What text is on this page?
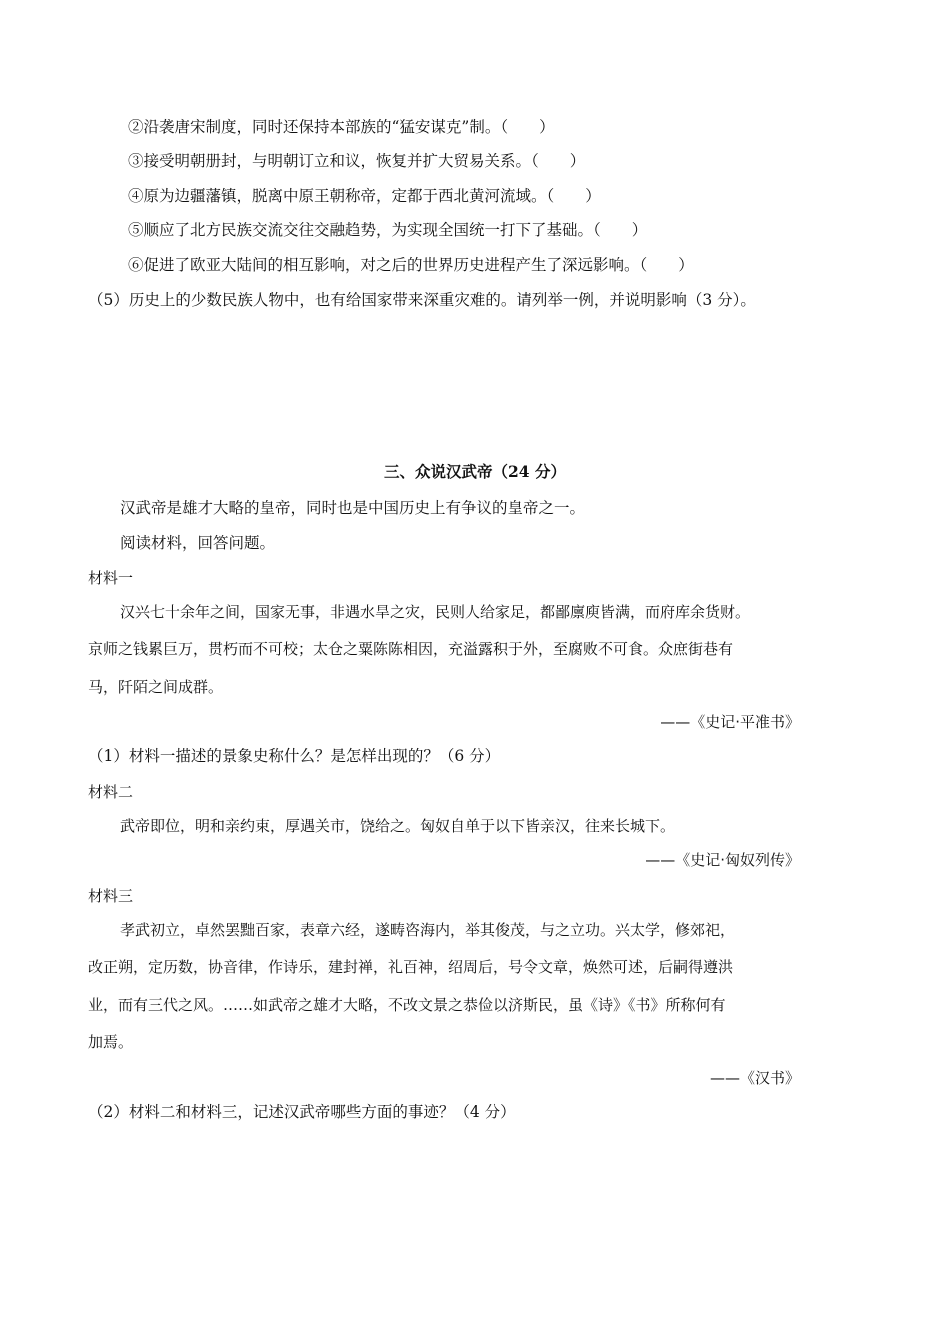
②沿袭唐宋制度，同时还保持本部族的“猛安谋克”制。（　　）
③接受明朝册封，与明朝订立和议，恢复并扩大贸易关系。（　　）
④原为边疆藩镇，脱离中原王朝称帝，定都于西北黄河流域。（　　）
⑤顺应了北方民族交流交往交融趋势，为实现全国统一打下了基础。（　　）
⑥促进了欧亚大陆间的相互影响，对之后的世界历史进程产生了深远影响。（　　）
（5）历史上的少数民族人物中，也有给国家带来深重灾难的。请列举一例，并说明影响（3 分）。
三、众说汉武帝（24 分）
汉武帝是雄才大略的皇帝，同时也是中国历史上有争议的皇帝之一。
阅读材料，回答问题。
材料一
汉兴七十余年之间，国家无事，非遇水旱之灾，民则人给家足，都鄙廪庾皆满，而府库余货财。
京师之钱累巨万，贯朽而不可校；太仓之粟陈陈相因，充溢露积于外，至腐败不可食。众庶街巷有
马，阡陌之间成群。
——《史记·平准书》
（1）材料一描述的景象史称什么？是怎样出现的？（6 分）
材料二
武帝即位，明和亲约束，厚遇关市，饶给之。匈奴自单于以下皆亲汉，往来长城下。
——《史记·匈奴列传》
材料三
孝武初立，卓然罢黜百家，表章六经，遂畴咨海内，举其俊茂，与之立功。兴太学，修郊祀，
改正朔，定历数，协音律，作诗乐，建封禅，礼百神，绍周后，号令文章，焕然可述，后嗣得遵洪
业，而有三代之风。……如武帝之雄才大略，不改文景之恭俭以济斯民，虽《诗》《书》所称何有
加焉。
——《汉书》
（2）材料二和材料三，记述汉武帝哪些方面的事迹？（4 分）
